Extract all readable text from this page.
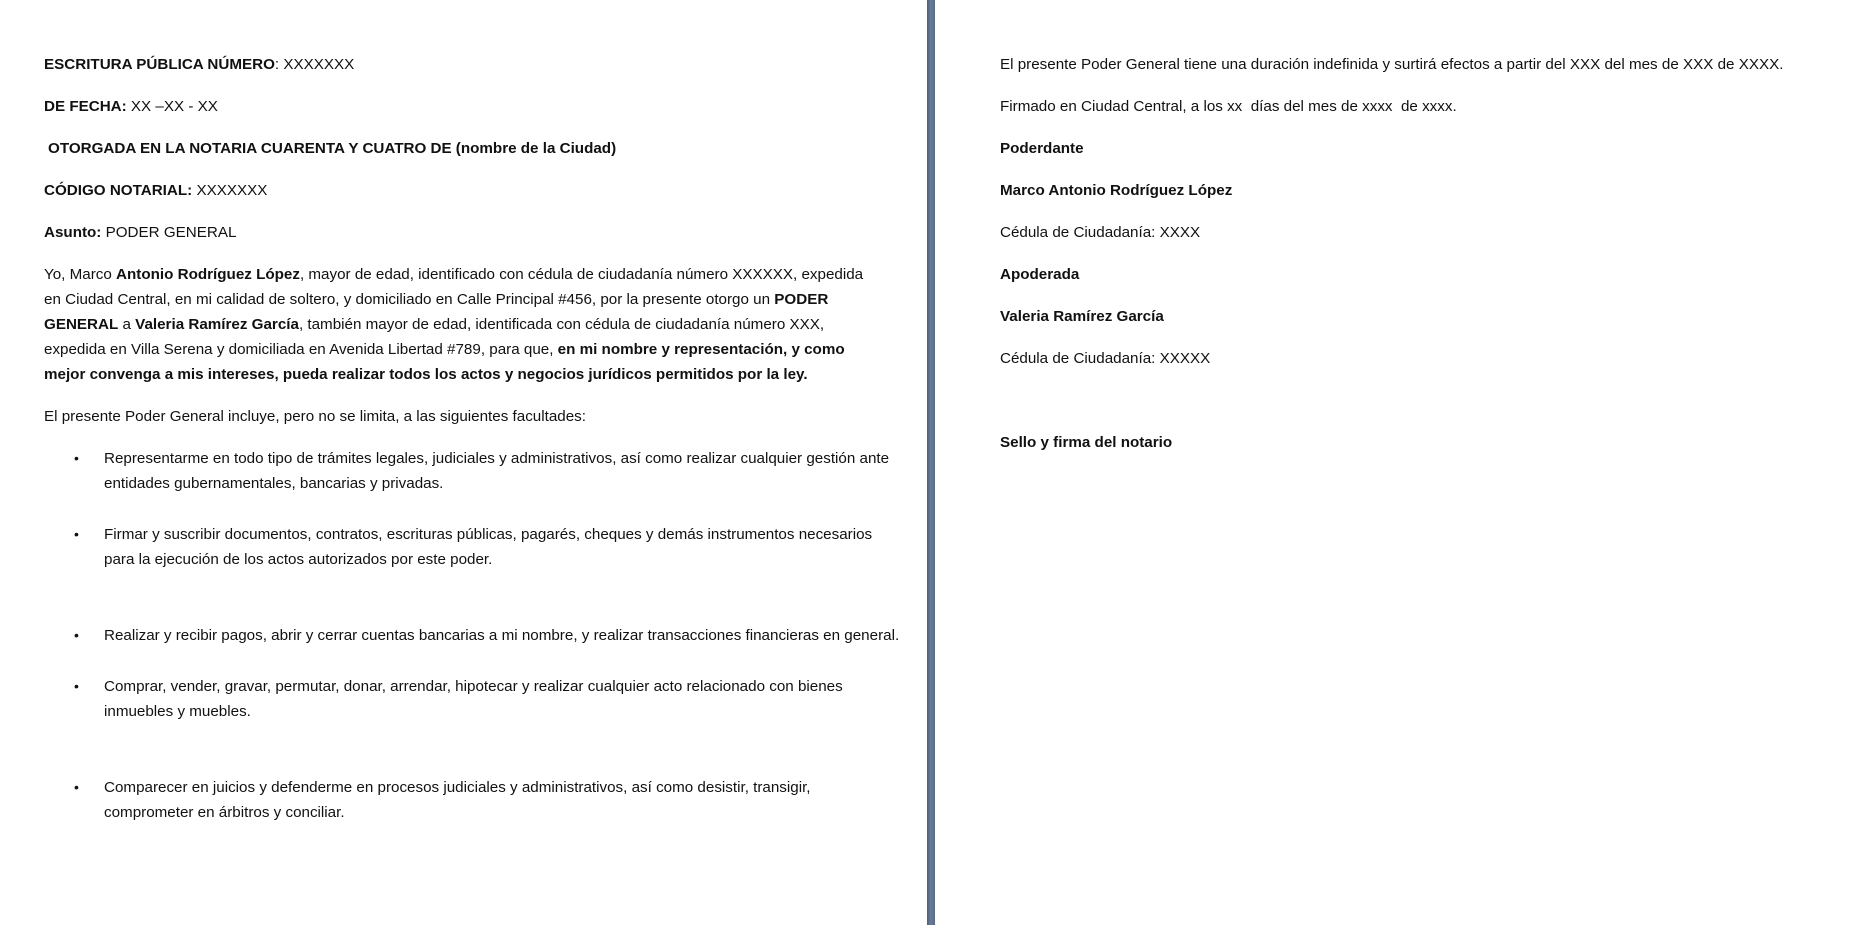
ESCRITURA PÚBLICA NÚMERO: XXXXXXX
DE FECHA: XX –XX - XX
OTORGADA EN LA NOTARIA CUARENTA Y CUATRO DE (nombre de la Ciudad)
CÓDIGO NOTARIAL: XXXXXXX
Asunto: PODER GENERAL

Yo, Marco Antonio Rodríguez López, mayor de edad, identificado con cédula de ciudadanía número XXXXXX, expedida en Ciudad Central, en mi calidad de soltero, y domiciliado en Calle Principal #456, por la presente otorgo un PODER GENERAL a Valeria Ramírez García, también mayor de edad, identificada con cédula de ciudadanía número XXX, expedida en Villa Serena y domiciliada en Avenida Libertad #789, para que, en mi nombre y representación, y como mejor convenga a mis intereses, pueda realizar todos los actos y negocios jurídicos permitidos por la ley.

El presente Poder General incluye, pero no se limita, a las siguientes facultades:

• Representarme en todo tipo de trámites legales, judiciales y administrativos, así como realizar cualquier gestión ante entidades gubernamentales, bancarias y privadas.
• Firmar y suscribir documentos, contratos, escrituras públicas, pagarés, cheques y demás instrumentos necesarios para la ejecución de los actos autorizados por este poder.
• Realizar y recibir pagos, abrir y cerrar cuentas bancarias a mi nombre, y realizar transacciones financieras en general.
• Comprar, vender, gravar, permutar, donar, arrendar, hipotecar y realizar cualquier acto relacionado con bienes inmuebles y muebles.
• Comparecer en juicios y defenderme en procesos judiciales y administrativos, así como desistir, transigir, comprometer en árbitros y conciliar.

El presente Poder General tiene una duración indefinida y surtirá efectos a partir del XXX del mes de XXX de XXXX.

Firmado en Ciudad Central, a los xx  días del mes de xxxx  de xxxx.

Poderdante

Marco Antonio Rodríguez López

Cédula de Ciudadanía: XXXX

Apoderada

Valeria Ramírez García

Cédula de Ciudadanía: XXXXX

Sello y firma del notario
